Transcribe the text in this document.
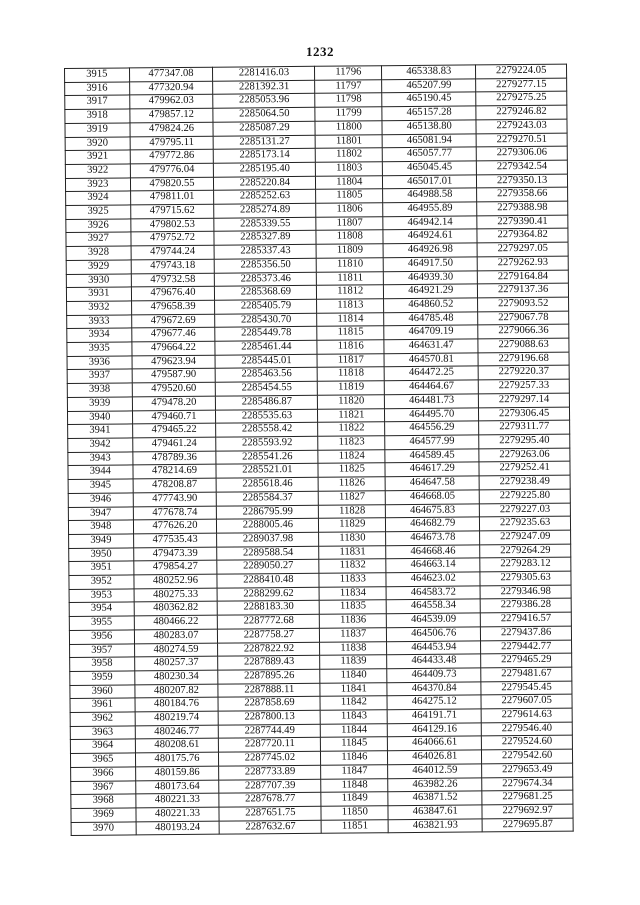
1232
3915	477347.08	2281416.03	11796	465338.83	2279224.05
3916	477320.94	2281392.31	11797	465207.99	2279277.15
3917	479962.03	2285053.96	11798	465190.45	2279275.25
3918	479857.12	2285064.50	11799	465157.28	2279246.82
3919	479824.26	2285087.29	11800	465138.80	2279243.03
3920	479795.11	2285131.27	11801	465081.94	2279270.51
3921	479772.86	2285173.14	11802	465057.77	2279306.06
3922	479776.04	2285195.40	11803	465045.45	2279342.54
3923	479820.55	2285220.84	11804	465017.01	2279350.13
3924	479811.01	2285252.63	11805	464988.58	2279358.66
3925	479715.62	2285274.89	11806	464955.89	2279388.98
3926	479802.53	2285339.55	11807	464942.14	2279390.41
3927	479752.72	2285327.89	11808	464924.61	2279364.82
3928	479744.24	2285337.43	11809	464926.98	2279297.05
3929	479743.18	2285356.50	11810	464917.50	2279262.93
3930	479732.58	2285373.46	11811	464939.30	2279164.84
3931	479676.40	2285368.69	11812	464921.29	2279137.36
3932	479658.39	2285405.79	11813	464860.52	2279093.52
3933	479672.69	2285430.70	11814	464785.48	2279067.78
3934	479677.46	2285449.78	11815	464709.19	2279066.36
3935	479664.22	2285461.44	11816	464631.47	2279088.63
3936	479623.94	2285445.01	11817	464570.81	2279196.68
3937	479587.90	2285463.56	11818	464472.25	2279220.37
3938	479520.60	2285454.55	11819	464464.67	2279257.33
3939	479478.20	2285486.87	11820	464481.73	2279297.14
3940	479460.71	2285535.63	11821	464495.70	2279306.45
3941	479465.22	2285558.42	11822	464556.29	2279311.77
3942	479461.24	2285593.92	11823	464577.99	2279295.40
3943	478789.36	2285541.26	11824	464589.45	2279263.06
3944	478214.69	2285521.01	11825	464617.29	2279252.41
3945	478208.87	2285618.46	11826	464647.58	2279238.49
3946	477743.90	2285584.37	11827	464668.05	2279225.80
3947	477678.74	2286795.99	11828	464675.83	2279227.03
3948	477626.20	2288005.46	11829	464682.79	2279235.63
3949	477535.43	2289037.98	11830	464673.78	2279247.09
3950	479473.39	2289588.54	11831	464668.46	2279264.29
3951	479854.27	2289050.27	11832	464663.14	2279283.12
3952	480252.96	2288410.48	11833	464623.02	2279305.63
3953	480275.33	2288299.62	11834	464583.72	2279346.98
3954	480362.82	2288183.30	11835	464558.34	2279386.28
3955	480466.22	2287772.68	11836	464539.09	2279416.57
3956	480283.07	2287758.27	11837	464506.76	2279437.86
3957	480274.59	2287822.92	11838	464453.94	2279442.77
3958	480257.37	2287889.43	11839	464433.48	2279465.29
3959	480230.34	2287895.26	11840	464409.73	2279481.67
3960	480207.82	2287888.11	11841	464370.84	2279545.45
3961	480184.76	2287858.69	11842	464275.12	2279607.05
3962	480219.74	2287800.13	11843	464191.71	2279614.63
3963	480246.77	2287744.49	11844	464129.16	2279546.40
3964	480208.61	2287720.11	11845	464066.61	2279524.60
3965	480175.76	2287745.02	11846	464026.81	2279542.60
3966	480159.86	2287733.89	11847	464012.59	2279653.49
3967	480173.64	2287707.39	11848	463982.26	2279674.34
3968	480221.33	2287678.77	11849	463871.52	2279681.25
3969	480221.33	2287651.75	11850	463847.61	2279692.97
3970	480193.24	2287632.67	11851	463821.93	2279695.87
